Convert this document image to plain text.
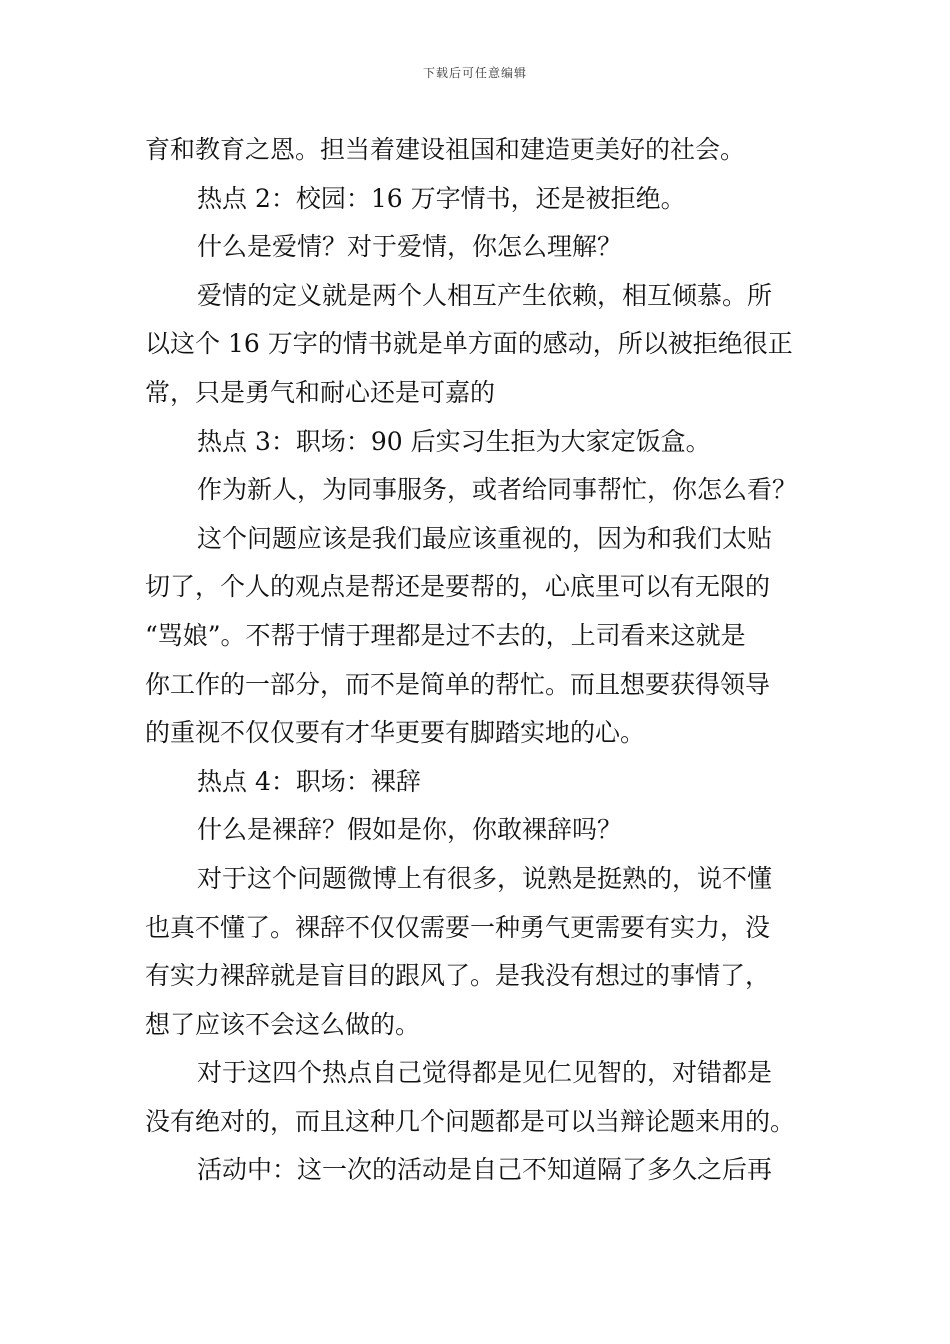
下载后可任意编辑
育和教育之恩。担当着建设祖国和建造更美好的社会。
热点 2：校园：16 万字情书，还是被拒绝。
什么是爱情？对于爱情，你怎么理解？
爱情的定义就是两个人相互产生依赖，相互倾慕。所
以这个 16 万字的情书就是单方面的感动，所以被拒绝很正
常，只是勇气和耐心还是可嘉的
热点 3：职场：90 后实习生拒为大家定饭盒。
作为新人，为同事服务，或者给同事帮忙，你怎么看？
这个问题应该是我们最应该重视的，因为和我们太贴
切了，个人的观点是帮还是要帮的，心底里可以有无限的
“骂娘”。不帮于情于理都是过不去的，上司看来这就是
你工作的一部分，而不是简单的帮忙。而且想要获得领导
的重视不仅仅要有才华更要有脚踏实地的心。
热点 4：职场：裸辞
什么是裸辞？假如是你，你敢裸辞吗？
对于这个问题微博上有很多，说熟是挺熟的，说不懂
也真不懂了。裸辞不仅仅需要一种勇气更需要有实力，没
有实力裸辞就是盲目的跟风了。是我没有想过的事情了，
想了应该不会这么做的。
对于这四个热点自己觉得都是见仁见智的，对错都是
没有绝对的，而且这种几个问题都是可以当辩论题来用的。
活动中：这一次的活动是自己不知道隔了多久之后再
